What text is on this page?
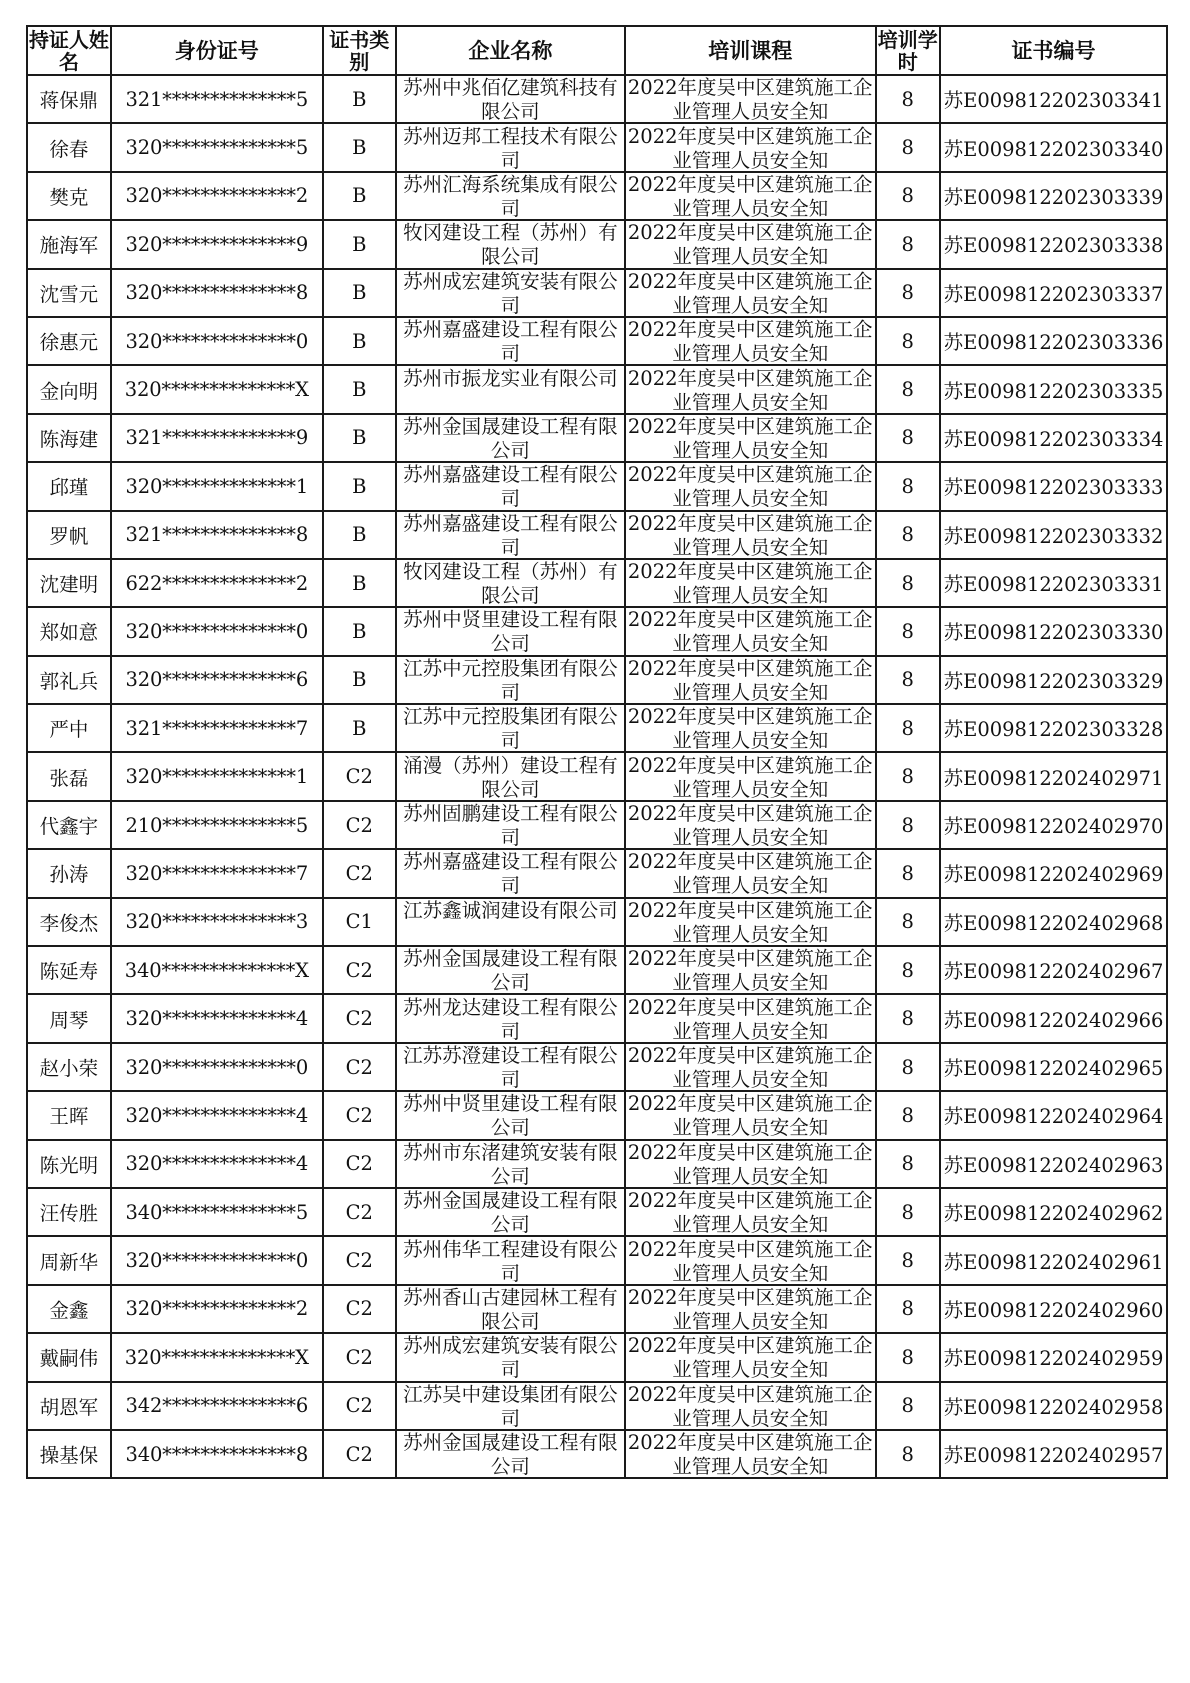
持证人姓名	身份证号	证书类别	企业名称	培训课程	培训学时	证书编号
蒋保鼎	321**************5	B	苏州中兆佰亿建筑科技有限公司	2022年度吴中区建筑施工企业管理人员安全知	8	苏E009812202303341
徐春	320**************5	B	苏州迈邦工程技术有限公司	2022年度吴中区建筑施工企业管理人员安全知	8	苏E009812202303340
樊克	320**************2	B	苏州汇海系统集成有限公司	2022年度吴中区建筑施工企业管理人员安全知	8	苏E009812202303339
施海军	320**************9	B	牧冈建设工程（苏州）有限公司	2022年度吴中区建筑施工企业管理人员安全知	8	苏E009812202303338
沈雪元	320**************8	B	苏州成宏建筑安装有限公司	2022年度吴中区建筑施工企业管理人员安全知	8	苏E009812202303337
徐惠元	320**************0	B	苏州嘉盛建设工程有限公司	2022年度吴中区建筑施工企业管理人员安全知	8	苏E009812202303336
金向明	320**************X	B	苏州市振龙实业有限公司	2022年度吴中区建筑施工企业管理人员安全知	8	苏E009812202303335
陈海建	321**************9	B	苏州金国晟建设工程有限公司	2022年度吴中区建筑施工企业管理人员安全知	8	苏E009812202303334
邱瑾	320**************1	B	苏州嘉盛建设工程有限公司	2022年度吴中区建筑施工企业管理人员安全知	8	苏E009812202303333
罗帆	321**************8	B	苏州嘉盛建设工程有限公司	2022年度吴中区建筑施工企业管理人员安全知	8	苏E009812202303332
沈建明	622**************2	B	牧冈建设工程（苏州）有限公司	2022年度吴中区建筑施工企业管理人员安全知	8	苏E009812202303331
郑如意	320**************0	B	苏州中贤里建设工程有限公司	2022年度吴中区建筑施工企业管理人员安全知	8	苏E009812202303330
郭礼兵	320**************6	B	江苏中元控股集团有限公司	2022年度吴中区建筑施工企业管理人员安全知	8	苏E009812202303329
严中	321**************7	B	江苏中元控股集团有限公司	2022年度吴中区建筑施工企业管理人员安全知	8	苏E009812202303328
张磊	320**************1	C2	涌漫（苏州）建设工程有限公司	2022年度吴中区建筑施工企业管理人员安全知	8	苏E009812202402971
代鑫宇	210**************5	C2	苏州固鹏建设工程有限公司	2022年度吴中区建筑施工企业管理人员安全知	8	苏E009812202402970
孙涛	320**************7	C2	苏州嘉盛建设工程有限公司	2022年度吴中区建筑施工企业管理人员安全知	8	苏E009812202402969
李俊杰	320**************3	C1	江苏鑫诚润建设有限公司	2022年度吴中区建筑施工企业管理人员安全知	8	苏E009812202402968
陈延寿	340**************X	C2	苏州金国晟建设工程有限公司	2022年度吴中区建筑施工企业管理人员安全知	8	苏E009812202402967
周琴	320**************4	C2	苏州龙达建设工程有限公司	2022年度吴中区建筑施工企业管理人员安全知	8	苏E009812202402966
赵小荣	320**************0	C2	江苏苏澄建设工程有限公司	2022年度吴中区建筑施工企业管理人员安全知	8	苏E009812202402965
王晖	320**************4	C2	苏州中贤里建设工程有限公司	2022年度吴中区建筑施工企业管理人员安全知	8	苏E009812202402964
陈光明	320**************4	C2	苏州市东渚建筑安装有限公司	2022年度吴中区建筑施工企业管理人员安全知	8	苏E009812202402963
汪传胜	340**************5	C2	苏州金国晟建设工程有限公司	2022年度吴中区建筑施工企业管理人员安全知	8	苏E009812202402962
周新华	320**************0	C2	苏州伟华工程建设有限公司	2022年度吴中区建筑施工企业管理人员安全知	8	苏E009812202402961
金鑫	320**************2	C2	苏州香山古建园林工程有限公司	2022年度吴中区建筑施工企业管理人员安全知	8	苏E009812202402960
戴嗣伟	320**************X	C2	苏州成宏建筑安装有限公司	2022年度吴中区建筑施工企业管理人员安全知	8	苏E009812202402959
胡恩军	342**************6	C2	江苏吴中建设集团有限公司	2022年度吴中区建筑施工企业管理人员安全知	8	苏E009812202402958
操基保	340**************8	C2	苏州金国晟建设工程有限公司	2022年度吴中区建筑施工企业管理人员安全知	8	苏E009812202402957
